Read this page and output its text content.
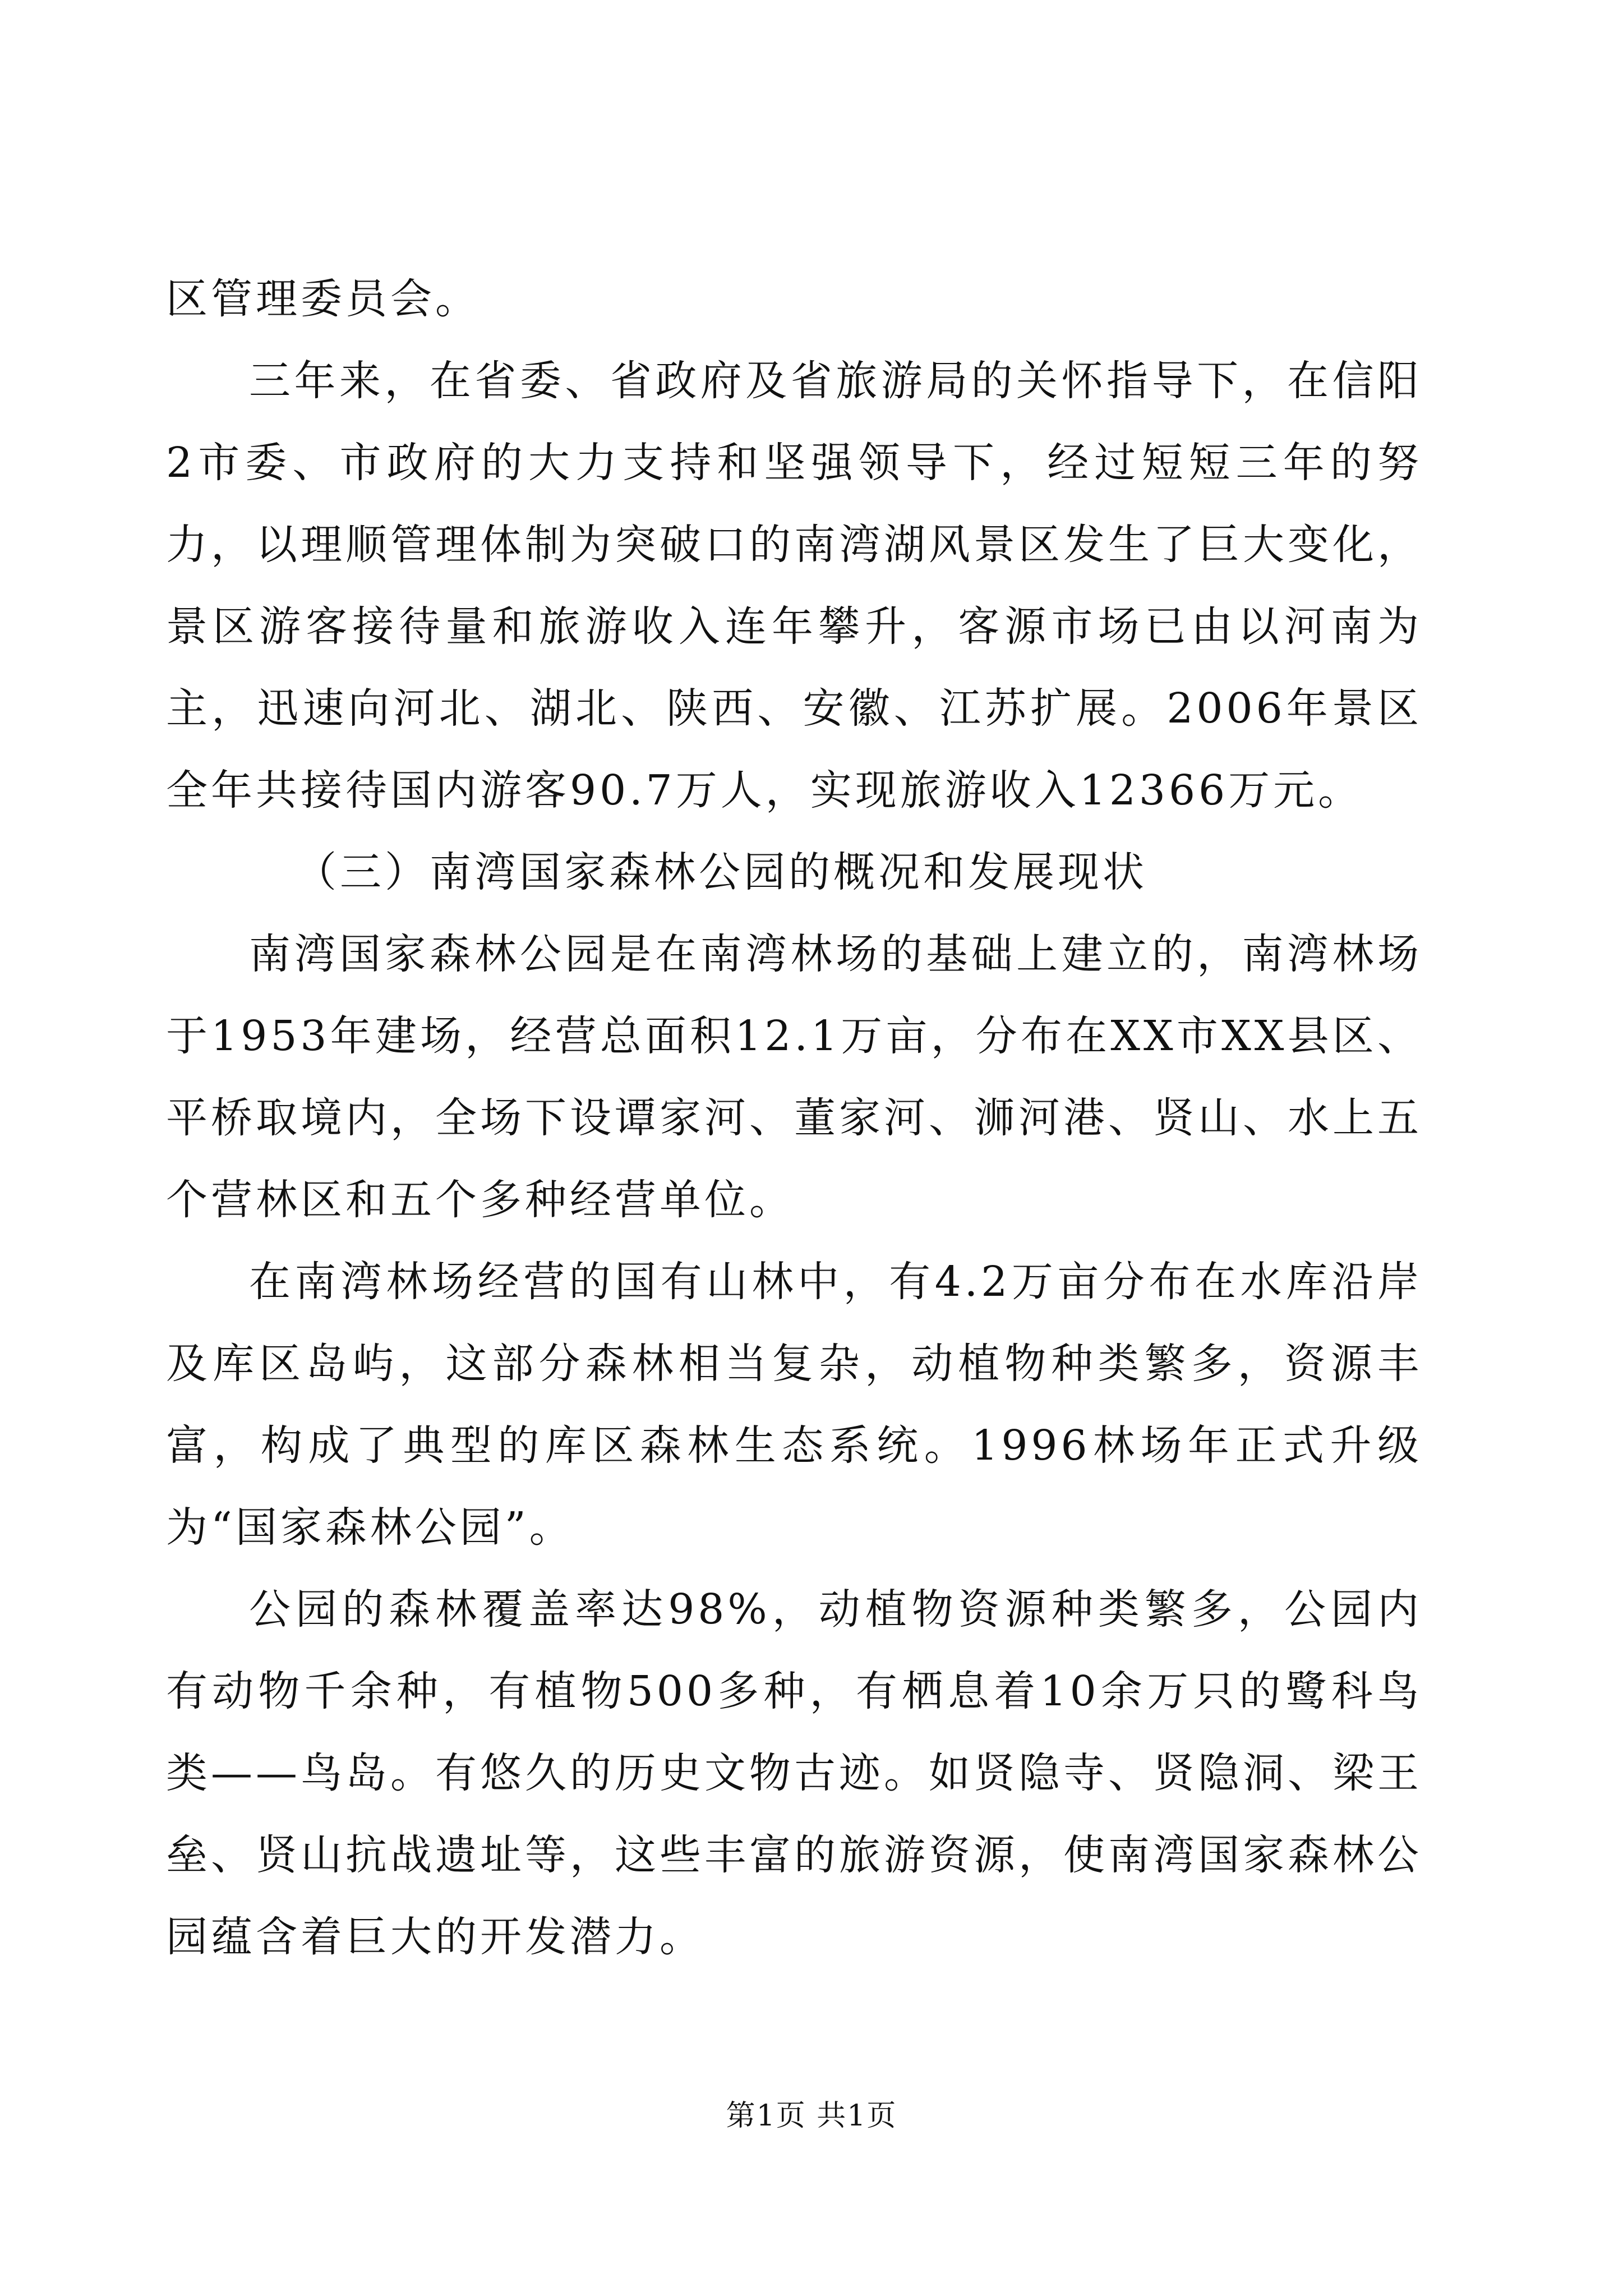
区管理委员会。

三年来，在省委、省政府及省旅游局的关怀指导下，在信阳2市委、市政府的大力支持和坚强领导下，经过短短三年的努力，以理顺管理体制为突破口的南湾湖风景区发生了巨大变化，景区游客接待量和旅游收入连年攀升，客源市场已由以河南为主，迅速向河北、湖北、陕西、安徽、江苏扩展。2006年景区全年共接待国内游客90.7万人，实现旅游收入12366万元。

（三）南湾国家森林公园的概况和发展现状

南湾国家森林公园是在南湾林场的基础上建立的，南湾林场于1953年建场，经营总面积12.1万亩，分布在XX市XX县区、平桥取境内，全场下设谭家河、董家河、浉河港、贤山、水上五个营林区和五个多种经营单位。

在南湾林场经营的国有山林中，有4.2万亩分布在水库沿岸及库区岛屿，这部分森林相当复杂，动植物种类繁多，资源丰富，构成了典型的库区森林生态系统。1996林场年正式升级为“国家森林公园”。

公园的森林覆盖率达98%，动植物资源种类繁多，公园内有动物千余种，有植物500多种，有栖息着10余万只的鹭科鸟类——鸟岛。有悠久的历史文物古迹。如贤隐寺、贤隐洞、梁王垒、贤山抗战遗址等，这些丰富的旅游资源，使南湾国家森林公园蕴含着巨大的开发潜力。

第1页 共1页
